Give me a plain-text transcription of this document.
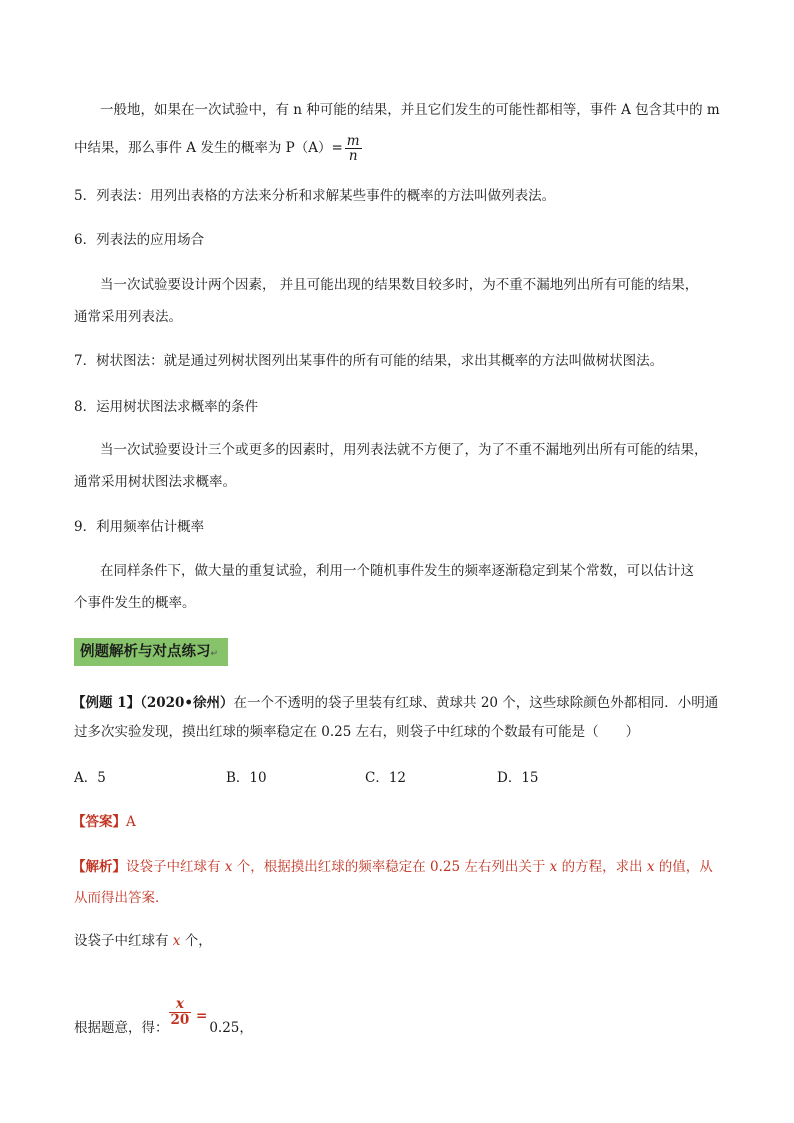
一般地，如果在一次试验中，有 n 种可能的结果，并且它们发生的可能性都相等，事件 A 包含其中的 m
中结果，那么事件 A 发生的概率为 $P(A)= \frac{m}{n}$
5．列表法：用列出表格的方法来分析和求解某些事件的概率的方法叫做列表法。
6．列表法的应用场合
当一次试验要设计两个因素， 并且可能出现的结果数目较多时，为不重不漏地列出所有可能的结果，
通常采用列表法。
7．树状图法：就是通过列树状图列出某事件的所有可能的结果，求出其概率的方法叫做树状图法。
8．运用树状图法求概率的条件
当一次试验要设计三个或更多的因素时，用列表法就不方便了，为了不重不漏地列出所有可能的结果，
通常采用树状图法求概率。
9．利用频率估计概率
在同样条件下，做大量的重复试验，利用一个随机事件发生的频率逐渐稳定到某个常数，可以估计这
个事件发生的概率。
例题解析与对点练习↵
【例题 1】（2020•徐州）在一个不透明的袋子里装有红球、黄球共 20 个，这些球除颜色外都相同．小明通
过多次实验发现，摸出红球的频率稳定在 0.25 左右，则袋子中红球的个数最有可能是（　　）
A．5	B．10	C．12	D．15
【答案】A
【解析】设袋子中红球有 x 个，根据摸出红球的频率稳定在 0.25 左右列出关于 x 的方程，求出 x 的值，从
从而得出答案．
设袋子中红球有 x 个，
根据题意，得： $\frac{x}{20} =0.25$，
